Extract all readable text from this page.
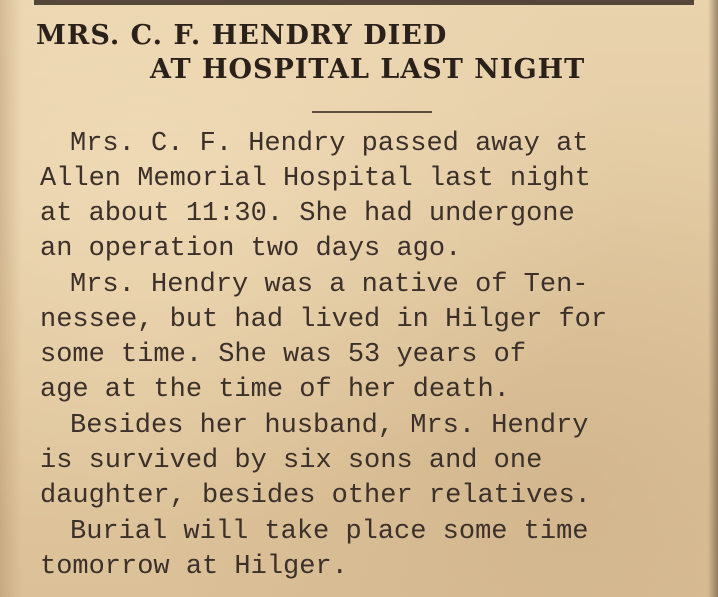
MRS. C. F. HENDRY DIED
AT HOSPITAL LAST NIGHT
Mrs. C. F. Hendry passed away at
Allen Memorial Hospital last night
at about 11:30. She had undergone
an operation two days ago.
Mrs. Hendry was a native of Ten-
nessee, but had lived in Hilger for
some time. She was 53 years of
age at the time of her death.
Besides her husband, Mrs. Hendry
is survived by six sons and one
daughter, besides other relatives.
Burial will take place some time
tomorrow at Hilger.
